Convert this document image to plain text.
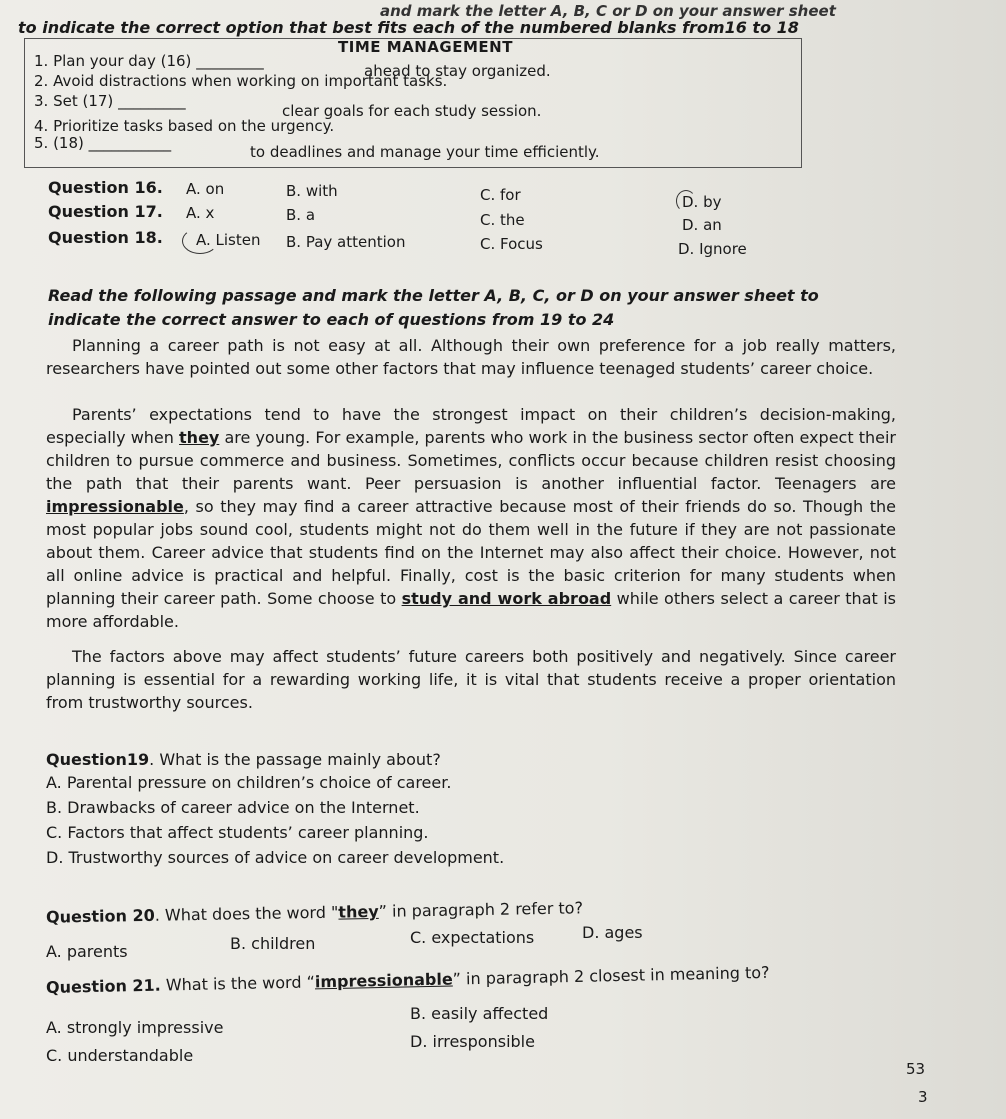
and mark the letter A, B, C or D on your answer sheet
to indicate the correct option that best fits each of the numbered blanks from16 to 18
TIME MANAGEMENT
1. Plan your day (16) _________
ahead to stay organized.
2. Avoid distractions when working on important tasks.
3. Set (17) _________
clear goals for each study session.
4. Prioritize tasks based on the urgency.
5. (18) ___________	to deadlines and manage your time efficiently.
Question 16. A. on	B. with	C. for	D. by
Question 17. A. x	B. a	C. the	D. an
Question 18. A. Listen B. Pay attention	C. Focus	D. Ignore
Read the following passage and mark the letter A, B, C, or D on your answer sheet to
indicate the correct answer to each of questions from 19 to 24
Planning a career path is not easy at all. Although their own preference for a job really matters, researchers have pointed out some other factors that may influence teenaged students’ career choice.
Parents’ expectations tend to have the strongest impact on their children’s decision-making, especially when they are young. For example, parents who work in the business sector often expect their children to pursue commerce and business. Sometimes, conflicts occur because children resist choosing the path that their parents want. Peer persuasion is another influential factor. Teenagers are impressionable, so they may find a career attractive because most of their friends do so. Though the most popular jobs sound cool, students might not do them well in the future if they are not passionate about them. Career advice that students find on the Internet may also affect their choice. However, not all online advice is practical and helpful. Finally, cost is the basic criterion for many students when planning their career path. Some choose to study and work abroad while others select a career that is more affordable.
The factors above may affect students’ future careers both positively and negatively. Since career planning is essential for a rewarding working life, it is vital that students receive a proper orientation from trustworthy sources.
Question19. What is the passage mainly about?
A. Parental pressure on children’s choice of career.
B. Drawbacks of career advice on the Internet.
C. Factors that affect students’ career planning.
D. Trustworthy sources of advice on career development.
Question 20. What does the word "they” in paragraph 2 refer to?
A. parents	B. children	C. expectations	D. ages
Question 21. What is the word “impressionable” in paragraph 2 closest in meaning to?
A. strongly impressive
B. easily affected
C. understandable
D. irresponsible
53
3
